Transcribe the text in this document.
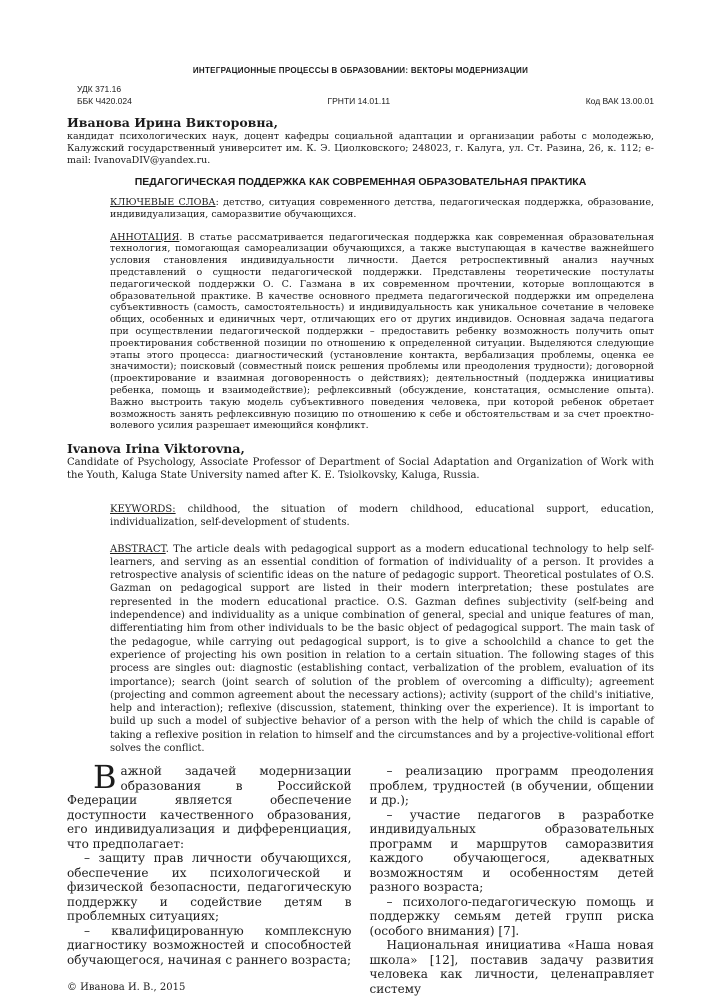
ИНТЕГРАЦИОННЫЕ ПРОЦЕССЫ В ОБРАЗОВАНИИ: ВЕКТОРЫ МОДЕРНИЗАЦИИ
УДК 371.16
ББК Ч420.024	ГРНТИ 14.01.11	Код ВАК 13.00.01
Иванова Ирина Викторовна,
кандидат психологических наук, доцент кафедры социальной адаптации и организации работы с молодежью, Калужский государственный университет им. К. Э. Циолковского; 248023, г. Калуга, ул. Ст. Разина, 26, к. 112; e-mail: IvanovaDIV@yandex.ru.
ПЕДАГОГИЧЕСКАЯ ПОДДЕРЖКА КАК СОВРЕМЕННАЯ ОБРАЗОВАТЕЛЬНАЯ ПРАКТИКА

КЛЮЧЕВЫЕ СЛОВА: детство, ситуация современного детства, педагогическая поддержка, образование, индивидуализация, саморазвитие обучающихся.

АННОТАЦИЯ. В статье рассматривается педагогическая поддержка как современная образовательная технология, помогающая самореализации обучающихся, а также выступающая в качестве важнейшего условия становления индивидуальности личности. Дается ретроспективный анализ научных представлений о сущности педагогической поддержки. Представлены теоретические постулаты педагогической поддержки О. С. Газмана в их современном прочтении, которые воплощаются в образовательной практике. В качестве основного предмета педагогической поддержки им определена субъективность (самость, самостоятельность) и индивидуальность как уникальное сочетание в человеке общих, особенных и единичных черт, отличающих его от других индивидов. Основная задача педагога при осуществлении педагогической поддержки – предоставить ребенку возможность получить опыт проектирования собственной позиции по отношению к определенной ситуации. Выделяются следующие этапы этого процесса: диагностический (установление контакта, вербализация проблемы, оценка ее значимости); поисковый (совместный поиск решения проблемы или преодоления трудности); договорной (проектирование и взаимная договоренность о действиях); деятельностный (поддержка инициативы ребенка, помощь и взаимодействие); рефлексивный (обсуждение, констатация, осмысление опыта). Важно выстроить такую модель субъективного поведения человека, при которой ребенок обретает возможность занять рефлексивную позицию по отношению к себе и обстоятельствам и за счет проектно-волевого усилия разрешает имеющийся конфликт.

Ivanova Irina Viktorovna,
Candidate of Psychology, Associate Professor of Department of Social Adaptation and Organization of Work with the Youth, Kaluga State University named after K. E. Tsiolkovsky, Kaluga, Russia.

KEYWORDS: childhood, the situation of modern childhood, educational support, education, individualization, self-development of students.

ABSTRACT. The article deals with pedagogical support as a modern educational technology to help self-learners, and serving as an essential condition of formation of individuality of a person. It provides a retrospective analysis of scientific ideas on the nature of pedagogic support. Theoretical postulates of O.S. Gazman on pedagogical support are listed in their modern interpretation; these postulates are represented in the modern educational practice. O.S. Gazman defines subjectivity (self-being and independence) and individuality as a unique combination of general, special and unique features of man, differentiating him from other individuals to be the basic object of pedagogical support. The main task of the pedagogue, while carrying out pedagogical support, is to give a schoolchild a chance to get the experience of projecting his own position in relation to a certain situation. The following stages of this process are singles out: diagnostic (establishing contact, verbalization of the problem, evaluation of its importance); search (joint search of solution of the problem of overcoming a difficulty); agreement (projecting and common agreement about the necessary actions); activity (support of the child's initiative, help and interaction); reflexive (discussion, statement, thinking over the experience). It is important to build up such a model of subjective behavior of a person with the help of which the child is capable of taking a reflexive position in relation to himself and the circumstances and by a projective-volitional effort solves the conflict.

Важной задачей модернизации образования в Российской Федерации является обеспечение доступности качественного образования, его индивидуализация и дифференциация, что предполагает:

– защиту прав личности обучающихся, обеспечение их психологической и физической безопасности, педагогическую поддержку и содействие детям в проблемных ситуациях;

– квалифицированную комплексную диагностику возможностей и способностей обучающегося, начиная с раннего возраста;

© Иванова И. В., 2015

– реализацию программ преодоления проблем, трудностей (в обучении, общении и др.);

– участие педагогов в разработке индивидуальных образовательных программ и маршрутов саморазвития каждого обучающегося, адекватных возможностям и особенностям детей разного возраста;

– психолого-педагогическую помощь и поддержку семьям детей групп риска (особого внимания) [7].

Национальная инициатива «Наша новая школа» [12], поставив задачу развития человека как личности, целенаправляет систему
